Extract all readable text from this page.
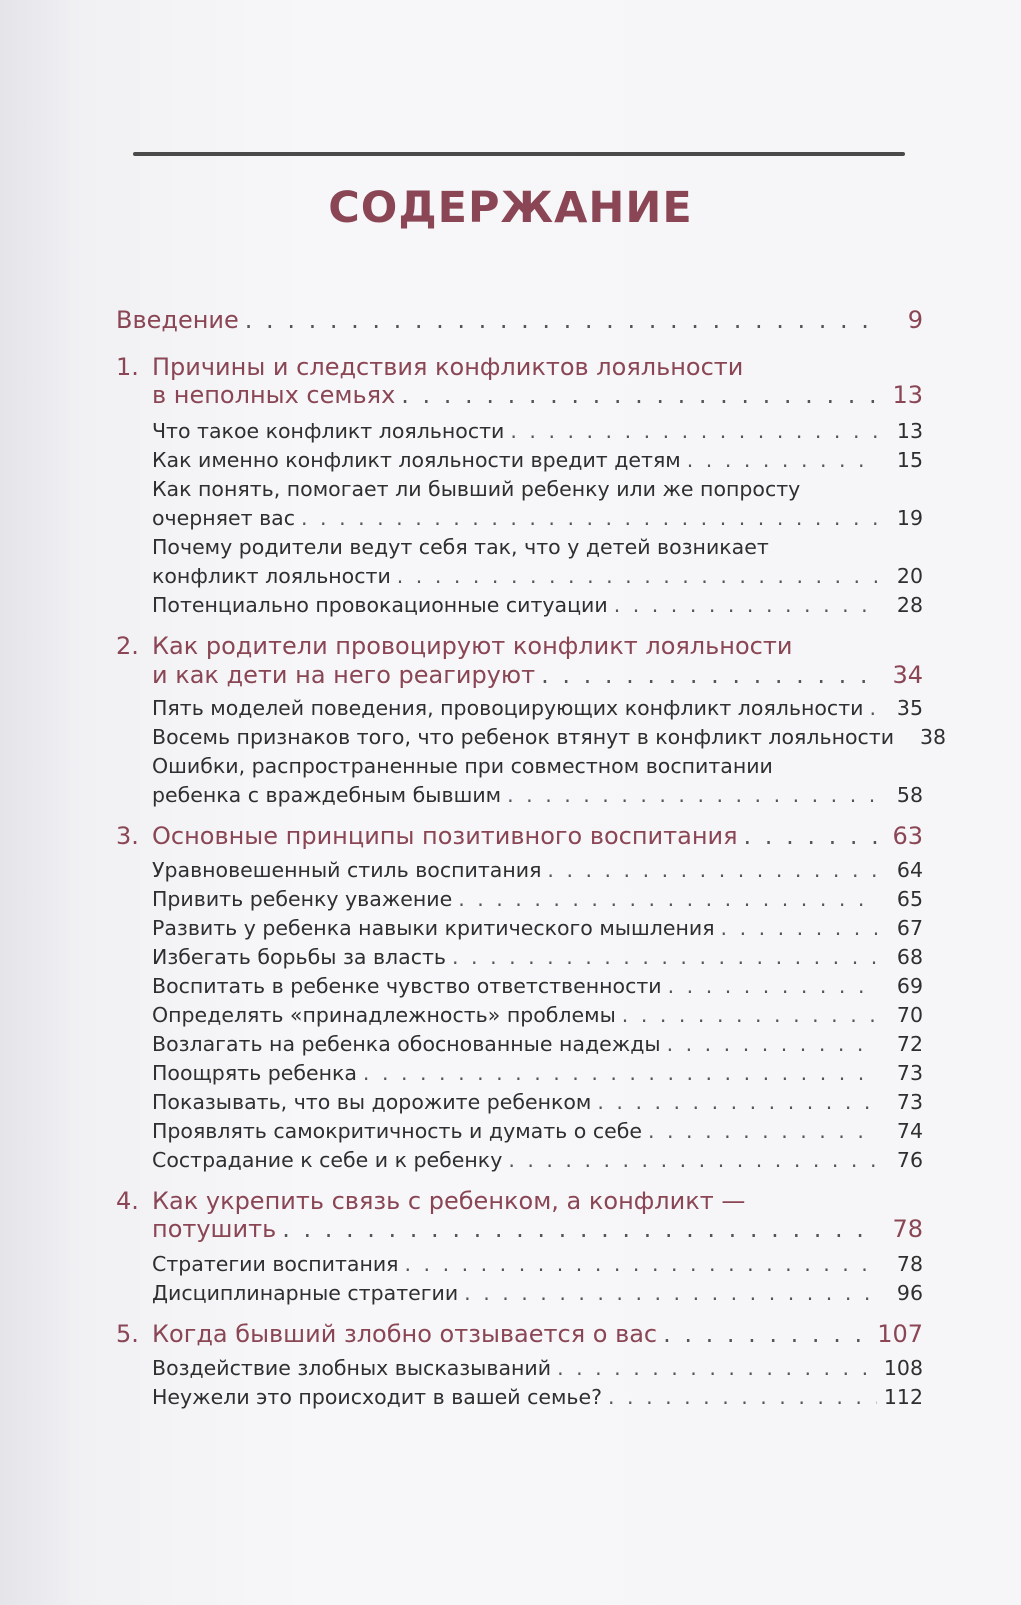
СОДЕРЖАНИЕ
Введение . . .	9
1. Причины и следствия конфликтов лояльности
в неполных семьях . . .	13
Что такое конфликт лояльности . . .	13
Как именно конфликт лояльности вредит детям . . .	15
Как понять, помогает ли бывший ребенку или же попросту
очерняет вас . . .	19
Почему родители ведут себя так, что у детей возникает
конфликт лояльности . . .	20
Потенциально провокационные ситуации . . .	28
2. Как родители провоцируют конфликт лояльности
и как дети на него реагируют . . .	34
Пять моделей поведения, провоцирующих конфликт лояльности . . .	35
Восемь признаков того, что ребенок втянут в конфликт лояльности	38
Ошибки, распространенные при совместном воспитании
ребенка с враждебным бывшим . . .	58
3. Основные принципы позитивного воспитания . . .	63
Уравновешенный стиль воспитания . . .	64
Привить ребенку уважение . . .	65
Развить у ребенка навыки критического мышления . . .	67
Избегать борьбы за власть . . .	68
Воспитать в ребенке чувство ответственности . . .	69
Определять «принадлежность» проблемы . . .	70
Возлагать на ребенка обоснованные надежды . . .	72
Поощрять ребенка . . .	73
Показывать, что вы дорожите ребенком . . .	73
Проявлять самокритичность и думать о себе . . .	74
Сострадание к себе и к ребенку . . .	76
4. Как укрепить связь с ребенком, а конфликт —
потушить . . .	78
Стратегии воспитания . . .	78
Дисциплинарные стратегии . . .	96
5. Когда бывший злобно отзывается о вас . . .	107
Воздействие злобных высказываний . . .	108
Неужели это происходит в вашей семье? . . .	112
